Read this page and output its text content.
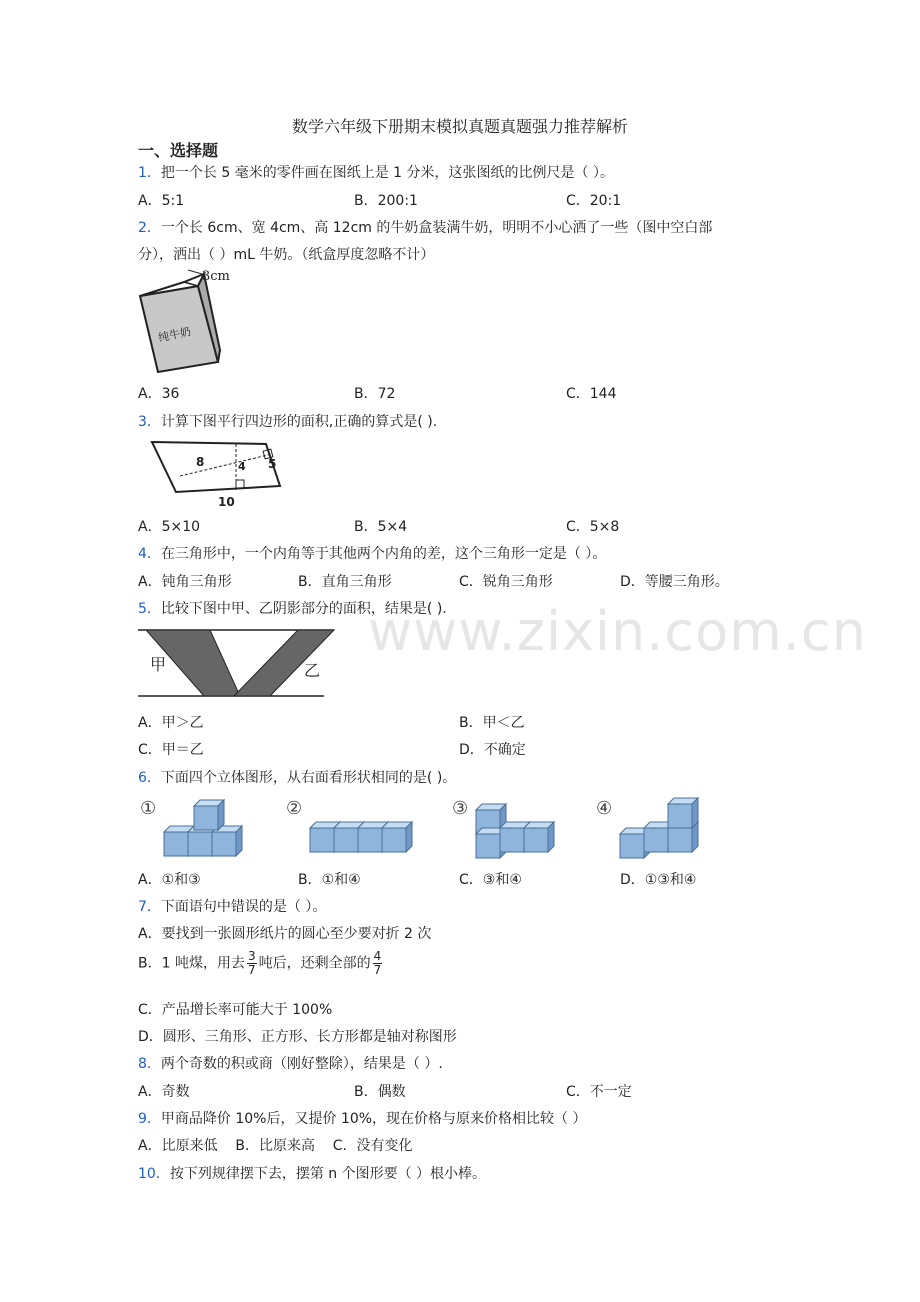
www.zixin.com.cn
数学六年级下册期末模拟真题真题强力推荐解析
一、选择题
1．把一个长 5 毫米的零件画在图纸上是 1 分米，这张图纸的比例尺是（ ）。
A．5:1	B．200:1	C．20:1
2．一个长 6cm、宽 4cm、高 12cm 的牛奶盒装满牛奶，明明不小心洒了一些（图中空白部
分），洒出（ ）mL 牛奶。（纸盒厚度忽略不计）
3cm
纯牛奶
A．36	B．72	C．144
3．计算下图平行四边形的面积,正确的算式是( ).
8	4 5
10
A．5×10	B．5×4	C．5×8
4．在三角形中，一个内角等于其他两个内角的差，这个三角形一定是（ ）。
A．钝角三角形	B．直角三角形	C．锐角三角形	D．等腰三角形。
5．比较下图中甲、乙阴影部分的面积，结果是( ).
甲	乙
A．甲＞乙	B．甲＜乙
C．甲＝乙	D．不确定
6．下面四个立体图形，从右面看形状相同的是( )。
①	②	③	④
A．①和③	B．①和④	C．③和④	D．①③和④
7．下面语句中错误的是（ ）。
A．要找到一张圆形纸片的圆心至少要对折 2 次
B．1 吨煤，用去 $\frac{3}{7}$ 吨后，还剩全部的 $\frac{4}{7}$
C．产品增长率可能大于 100%
D．圆形、三角形、正方形、长方形都是轴对称图形
8．两个奇数的积或商（刚好整除），结果是（ ）.
A．奇数	B．偶数	C．不一定
9．甲商品降价 10%后，又提价 10%，现在价格与原来价格相比较（ ）
A．比原来低    B．比原来高    C．没有变化
10．按下列规律摆下去，摆第 n 个图形要（ ）根小棒。
